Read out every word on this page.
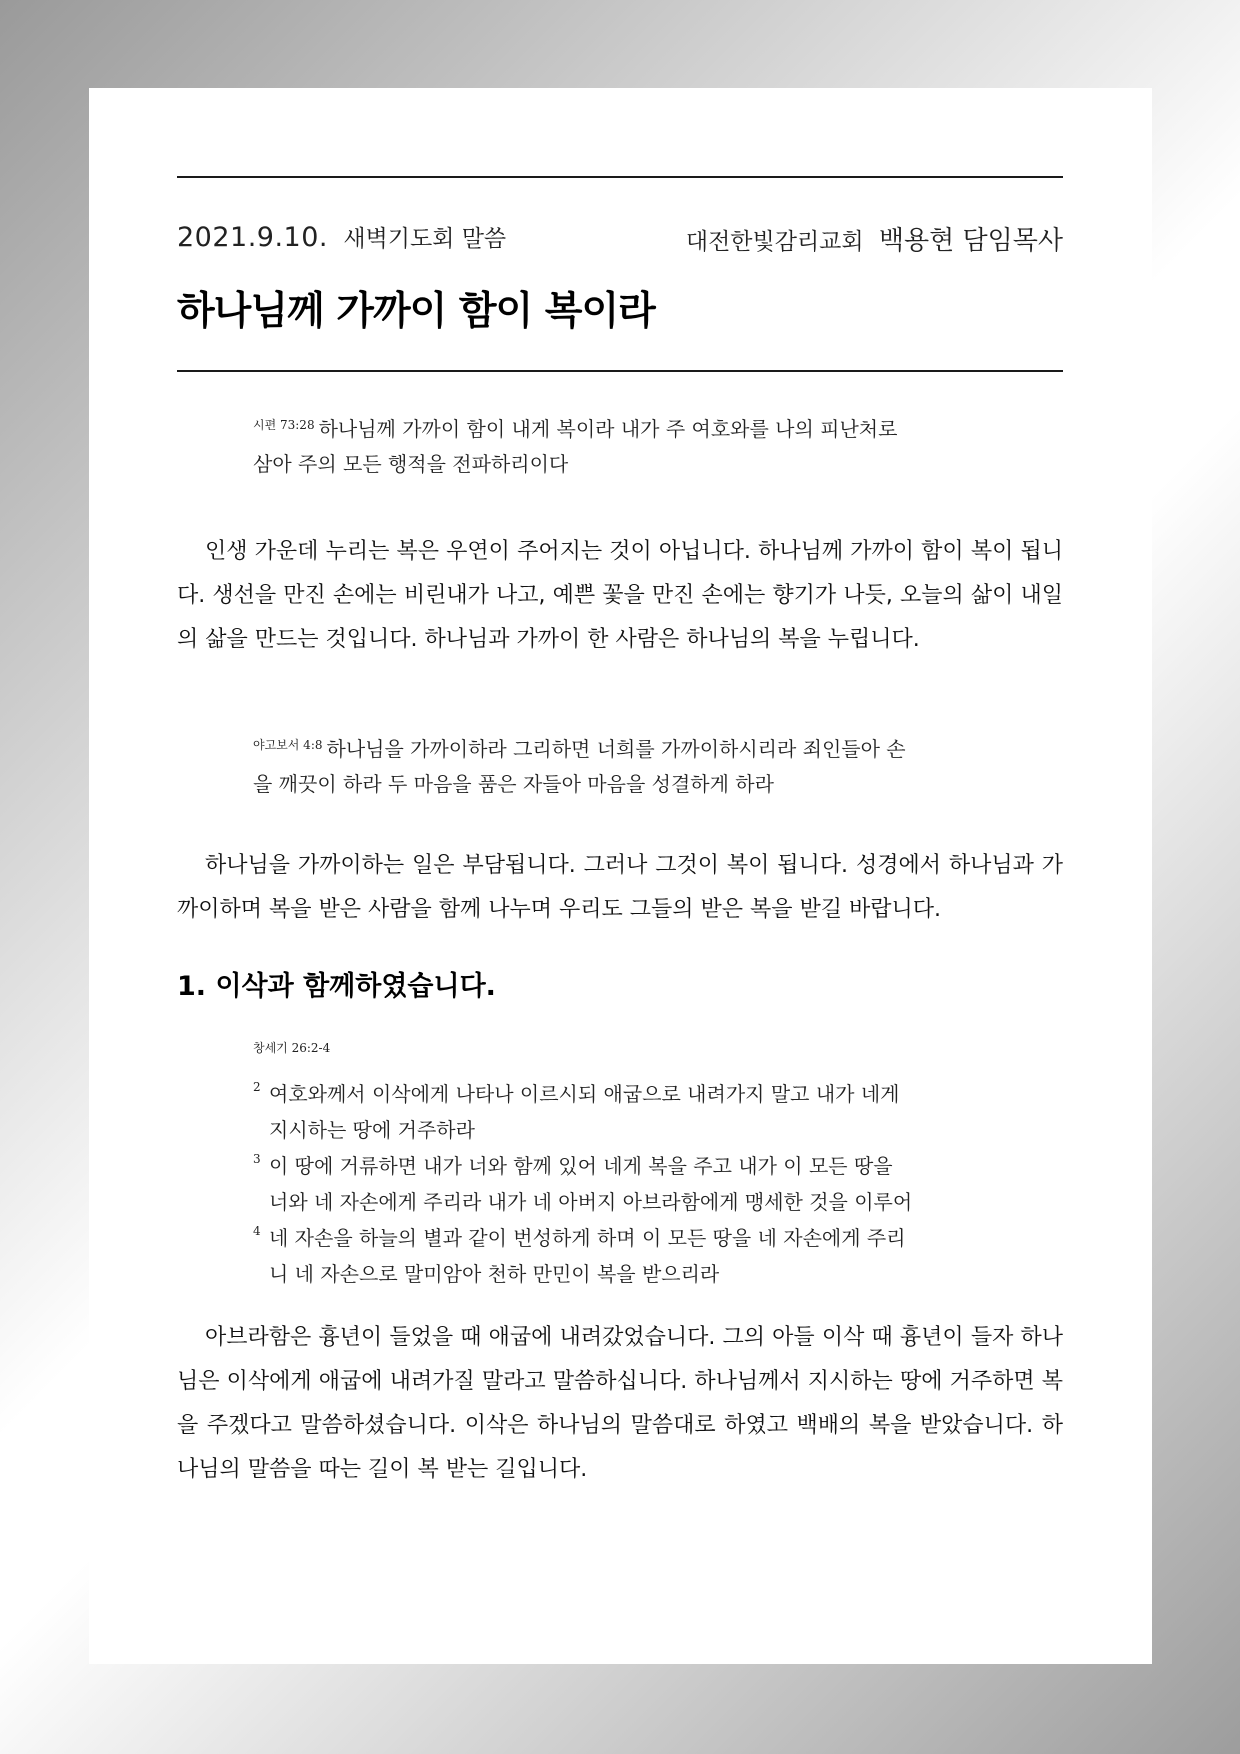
2021.9.10. 새벽기도회 말씀	대전한빛감리교회 백용현 담임목사
하나님께 가까이 함이 복이라
$^{시편 73:28}$ 하나님께 가까이 함이 내게 복이라 내가 주 여호와를 나의 피난처로
삼아 주의 모든 행적을 전파하리이다

인생 가운데 누리는 복은 우연이 주어지는 것이 아닙니다. 하나님께 가까이 함이 복이 됩니다. 생선을 만진 손에는 비린내가 나고, 예쁜 꽃을 만진 손에는 향기가 나듯, 오늘의 삶이 내일의 삶을 만드는 것입니다. 하나님과 가까이 한 사람은 하나님의 복을 누립니다.

$^{야고보서 4:8}$ 하나님을 가까이하라 그리하면 너희를 가까이하시리라 죄인들아 손
을 깨끗이 하라 두 마음을 품은 자들아 마음을 성결하게 하라

하나님을 가까이하는 일은 부담됩니다. 그러나 그것이 복이 됩니다. 성경에서 하나님과 가까이하며 복을 받은 사람을 함께 나누며 우리도 그들의 받은 복을 받길 바랍니다.

1. 이삭과 함께하였습니다.
창세기 26:2-4
2 여호와께서 이삭에게 나타나 이르시되 애굽으로 내려가지 말고 내가 네게
지시하는 땅에 거주하라
3 이 땅에 거류하면 내가 너와 함께 있어 네게 복을 주고 내가 이 모든 땅을
너와 네 자손에게 주리라 내가 네 아버지 아브라함에게 맹세한 것을 이루어
4 네 자손을 하늘의 별과 같이 번성하게 하며 이 모든 땅을 네 자손에게 주리
니 네 자손으로 말미암아 천하 만민이 복을 받으리라

아브라함은 흉년이 들었을 때 애굽에 내려갔었습니다. 그의 아들 이삭 때 흉년이 들자 하나님은 이삭에게 애굽에 내려가질 말라고 말씀하십니다. 하나님께서 지시하는 땅에 거주하면 복을 주겠다고 말씀하셨습니다. 이삭은 하나님의 말씀대로 하였고 백배의 복을 받았습니다. 하나님의 말씀을 따는 길이 복 받는 길입니다.
